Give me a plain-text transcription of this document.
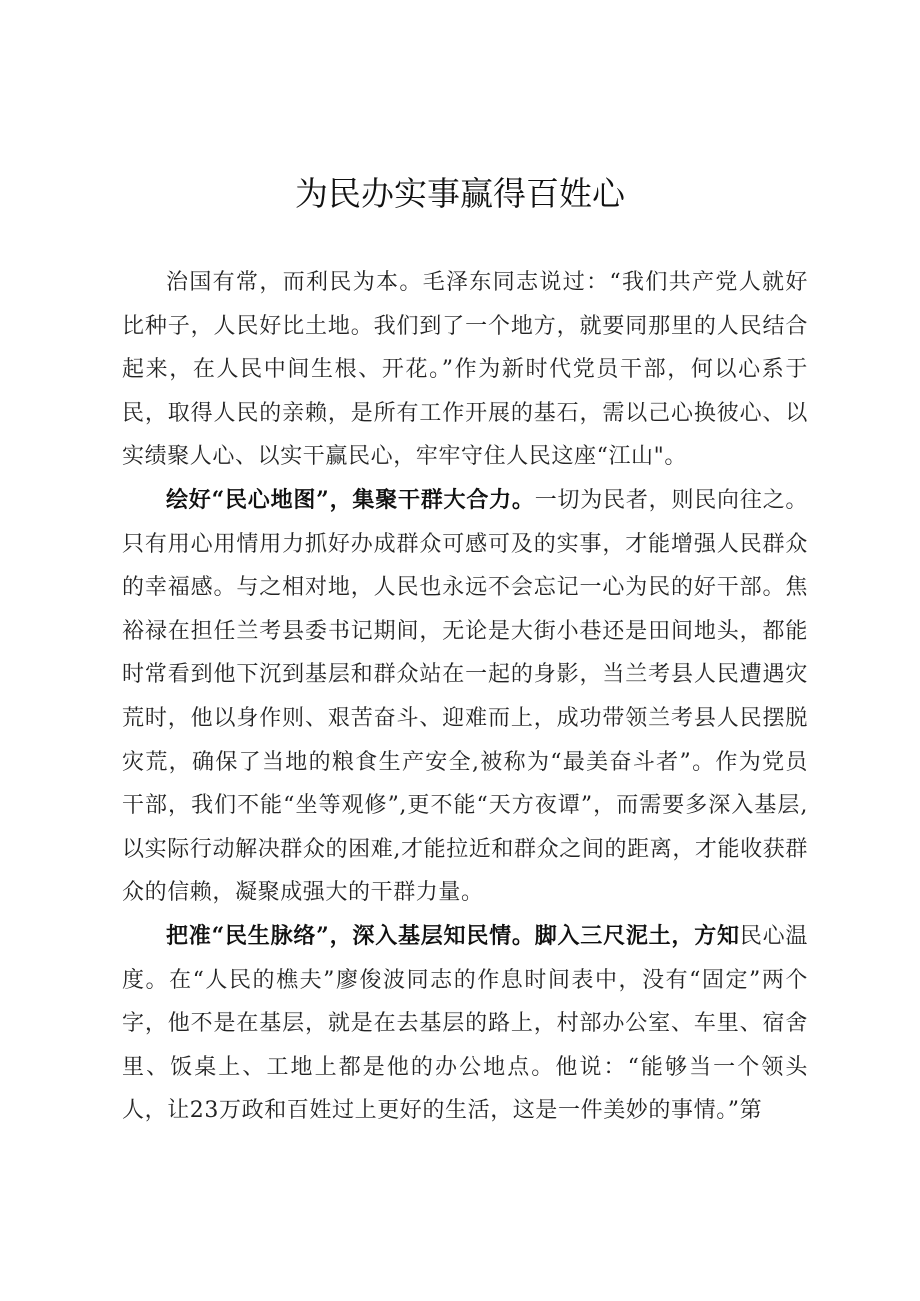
为民办实事赢得百姓心

治国有常，而利民为本。毛泽东同志说过：“我们共产党人就好比种子，人民好比土地。我们到了一个地方，就要同那里的人民结合起来，在人民中间生根、开花。”作为新时代党员干部，何以心系于民，取得人民的亲赖，是所有工作开展的基石，需以己心换彼心、以实绩聚人心、以实干赢民心，牢牢守住人民这座“江山"。

绘好“民心地图”，集聚干群大合力。一切为民者，则民向往之。只有用心用情用力抓好办成群众可感可及的实事，才能增强人民群众的幸福感。与之相对地，人民也永远不会忘记一心为民的好干部。焦裕禄在担任兰考县委书记期间，无论是大街小巷还是田间地头，都能时常看到他下沉到基层和群众站在一起的身影，当兰考县人民遭遇灾荒时，他以身作则、艰苦奋斗、迎难而上，成功带领兰考县人民摆脱灾荒，确保了当地的粮食生产安全,被称为“最美奋斗者”。作为党员干部，我们不能“坐等观修”,更不能“天方夜谭”，而需要多深入基层,以实际行动解决群众的困难,才能拉近和群众之间的距离，才能收获群众的信赖，凝聚成强大的干群力量。

把准“民生脉络”，深入基层知民情。脚入三尺泥土，方知民心温度。在“人民的樵夫”廖俊波同志的作息时间表中，没有“固定”两个字，他不是在基层，就是在去基层的路上，村部办公室、车里、宿舍里、饭桌上、工地上都是他的办公地点。他说：“能够当一个领头人，让23万政和百姓过上更好的生活，这是一件美妙的事情。”第
